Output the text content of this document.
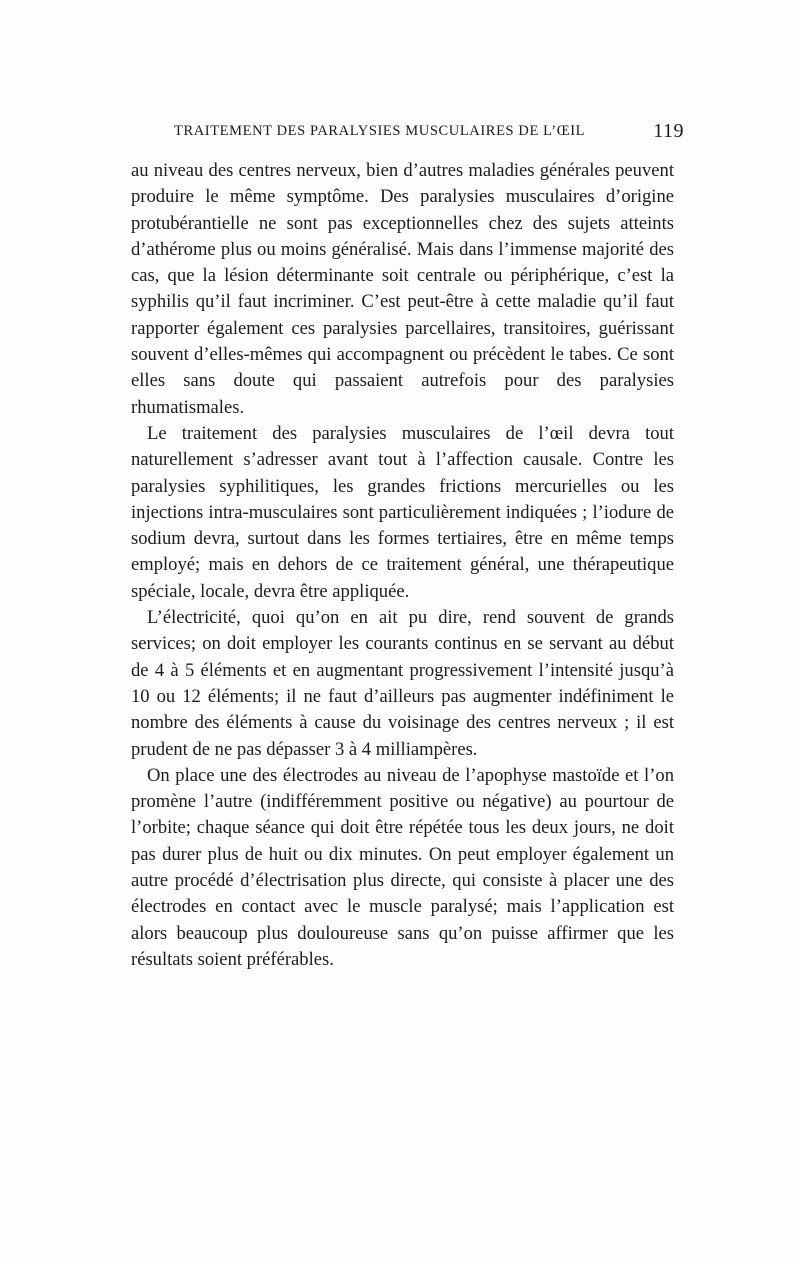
TRAITEMENT DES PARALYSIES MUSCULAIRES DE L’ŒIL	119

au niveau des centres nerveux, bien d’autres maladies générales peuvent produire le même symptôme. Des paralysies musculaires d’origine protubérantielle ne sont pas exceptionnelles chez des sujets atteints d’athérome plus ou moins généralisé. Mais dans l’immense majorité des cas, que la lésion déterminante soit centrale ou périphérique, c’est la syphilis qu’il faut incriminer. C’est peut-être à cette maladie qu’il faut rapporter également ces paralysies parcellaires, transitoires, guérissant souvent d’elles-mêmes qui accompagnent ou précèdent le tabes. Ce sont elles sans doute qui passaient autrefois pour des paralysies rhumatismales.

Le traitement des paralysies musculaires de l’œil devra tout naturellement s’adresser avant tout à l’affection causale. Contre les paralysies syphilitiques, les grandes frictions mercurielles ou les injections intra-musculaires sont particulièrement indiquées ; l’iodure de sodium devra, surtout dans les formes tertiaires, être en même temps employé; mais en dehors de ce traitement général, une thérapeutique spéciale, locale, devra être appliquée.

L’électricité, quoi qu’on en ait pu dire, rend souvent de grands services; on doit employer les courants continus en se servant au début de 4 à 5 éléments et en augmentant progressivement l’intensité jusqu’à 10 ou 12 éléments; il ne faut d’ailleurs pas augmenter indéfiniment le nombre des éléments à cause du voisinage des centres nerveux ; il est prudent de ne pas dépasser 3 à 4 milliampères.

On place une des électrodes au niveau de l’apophyse mastoïde et l’on promène l’autre (indifféremment positive ou négative) au pourtour de l’orbite; chaque séance qui doit être répétée tous les deux jours, ne doit pas durer plus de huit ou dix minutes. On peut employer également un autre procédé d’électrisation plus directe, qui consiste à placer une des électrodes en contact avec le muscle paralysé; mais l’application est alors beaucoup plus douloureuse sans qu’on puisse affirmer que les résultats soient préférables.
